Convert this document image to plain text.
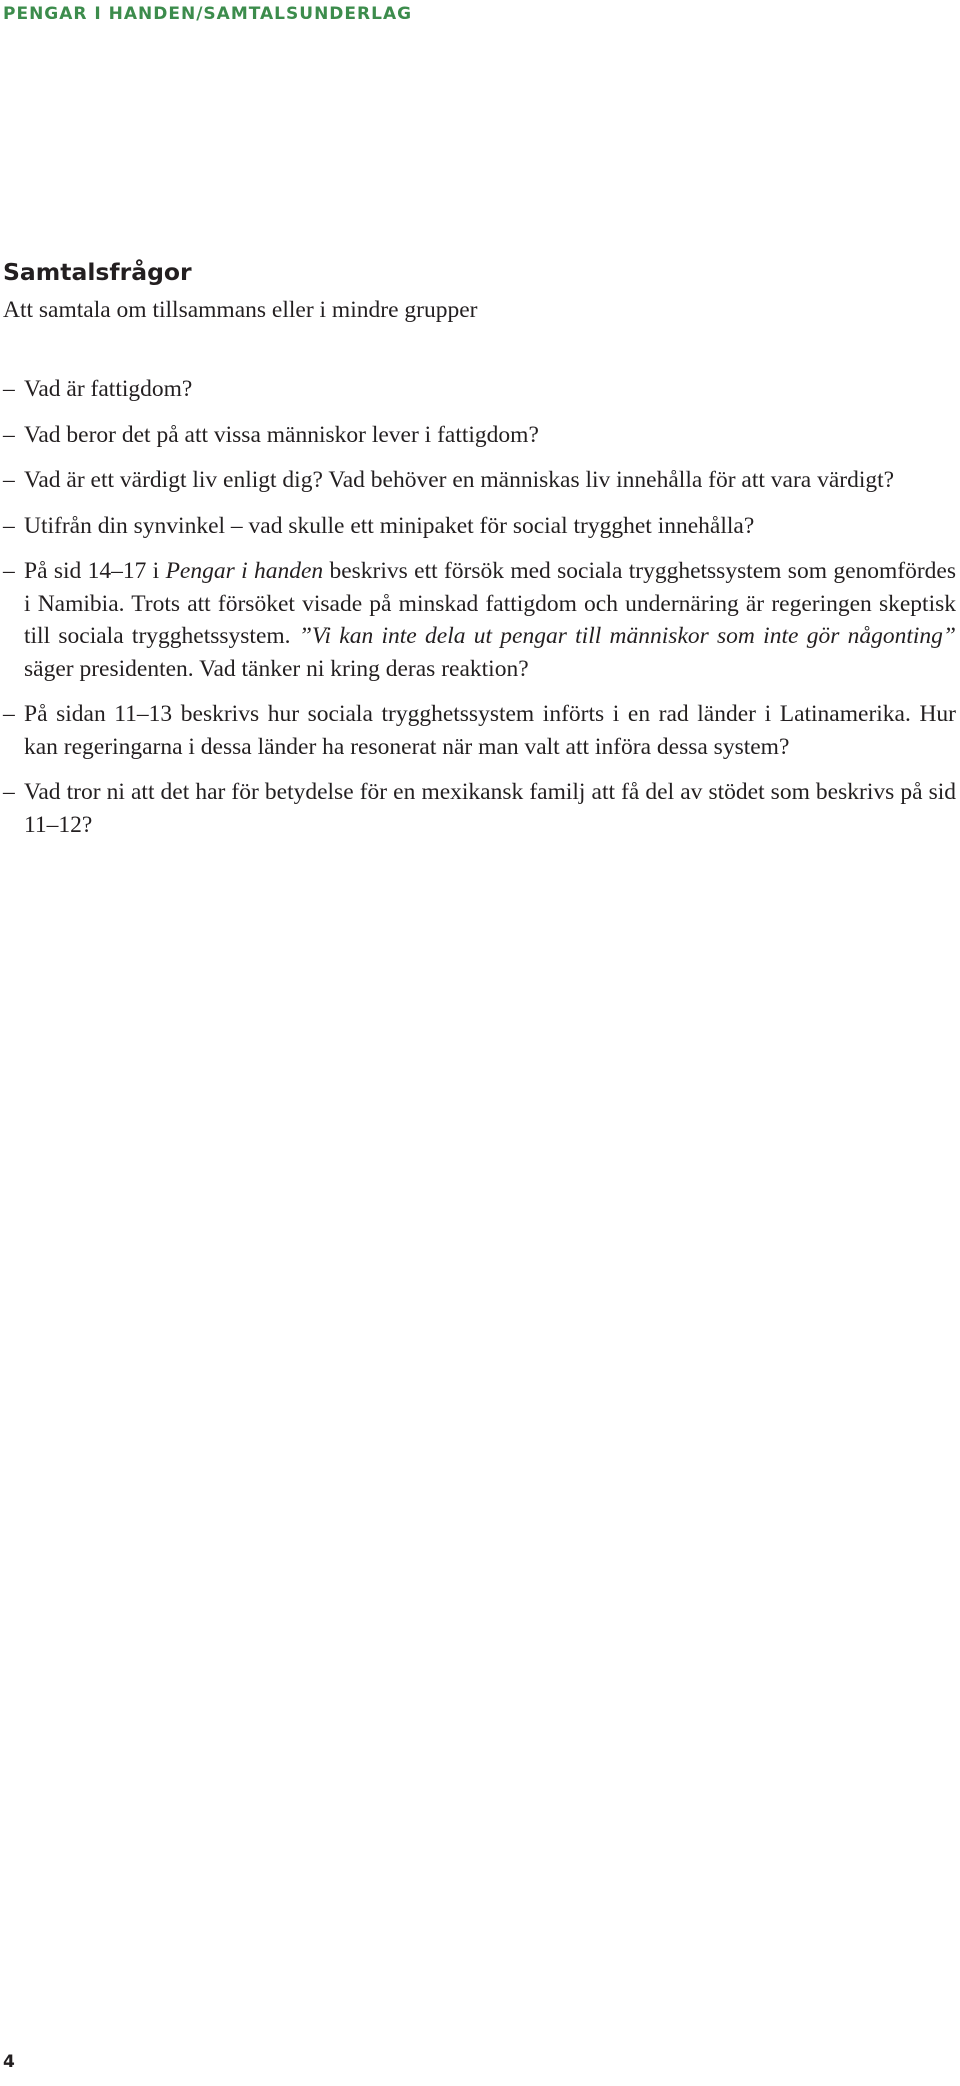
PENGAR I HANDEN/SAMTALSUNDERLAG
Samtalsfrågor
Att samtala om tillsammans eller i mindre grupper
– Vad är fattigdom?
– Vad beror det på att vissa människor lever i fattigdom?
– Vad är ett värdigt liv enligt dig? Vad behöver en människas liv innehålla för att vara värdigt?
– Utifrån din synvinkel – vad skulle ett minipaket för social trygghet innehålla?
– På sid 14–17 i Pengar i handen beskrivs ett försök med sociala trygghetssystem som genomfördes i Namibia. Trots att försöket visade på minskad fattigdom och undernäring är regeringen skeptisk till sociala trygghetssystem. ”Vi kan inte dela ut pengar till människor som inte gör någonting” säger presidenten. Vad tänker ni kring deras reaktion?
– På sidan 11–13 beskrivs hur sociala trygghetssystem införts i en rad länder i Latinamerika. Hur kan regeringarna i dessa länder ha resonerat när man valt att införa dessa system?
– Vad tror ni att det har för betydelse för en mexikansk familj att få del av stödet som beskrivs på sid 11–12?
4
